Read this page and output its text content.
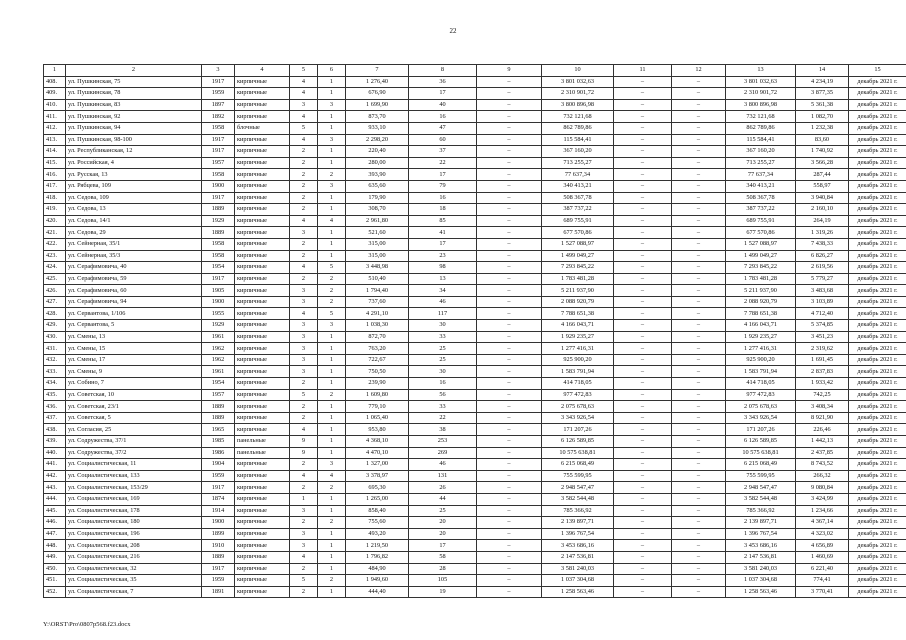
22
1	2	3	4	5	6	7	8	9	10	11	12	13	14	15
408.	ул. Пушкинская, 75	1917	кирпичные	4	1	1 276,40	36	–	3 801 032,63	–	–	3 801 032,63	4 234,19	декабрь 2021 г.
409.	ул. Пушкинская, 78	1959	кирпичные	4	1	676,90	17	–	2 310 901,72	–	–	2 310 901,72	3 877,35	декабрь 2021 г.
410.	ул. Пушкинская, 83	1897	кирпичные	3	3	1 699,90	40	–	3 800 896,98	–	–	3 800 896,98	5 361,38	декабрь 2021 г.
411.	ул. Пушкинская, 92	1892	кирпичные	4	1	873,70	16	–	732 121,68	–	–	732 121,68	1 082,70	декабрь 2021 г.
412.	ул. Пушкинская, 94	1958	блочные	5	1	933,10	47	–	862 789,86	–	–	862 789,86	1 232,38	декабрь 2021 г.
413.	ул. Пушкинская, 98-100	1917	кирпичные	4	3	2 298,20	60	–	115 584,41	–	–	115 584,41	83,60	декабрь 2021 г.
414.	ул. Республиканская, 12	1917	кирпичные	2	1	220,40	37	–	367 160,20	–	–	367 160,20	1 740,92	декабрь 2021 г.
415.	ул. Российская, 4	1957	кирпичные	2	1	280,00	22	–	713 255,27	–	–	713 255,27	3 566,28	декабрь 2021 г.
416.	ул. Русская, 13	1958	кирпичные	2	2	393,90	17	–	77 637,34	–	–	77 637,34	287,44	декабрь 2021 г.
417.	ул. Рябцева, 109	1900	кирпичные	2	3	635,60	79	–	340 413,21	–	–	340 413,21	558,97	декабрь 2021 г.
418.	ул. Седова, 109	1917	кирпичные	2	1	179,90	16	–	508 367,78	–	–	508 367,78	3 940,84	декабрь 2021 г.
419.	ул. Седова, 13	1889	кирпичные	2	1	308,70	18	–	387 737,22	–	–	387 737,22	2 160,10	декабрь 2021 г.
420.	ул. Седова, 14/1	1929	кирпичные	4	4	2 961,80	85	–	689 755,91	–	–	689 755,91	264,19	декабрь 2021 г.
421.	ул. Седова, 29	1889	кирпичные	3	1	521,60	41	–	677 570,86	–	–	677 570,86	1 319,26	декабрь 2021 г.
422.	ул. Сейнерная, 35/1	1958	кирпичные	2	1	315,00	17	–	1 527 088,97	–	–	1 527 088,97	7 438,33	декабрь 2021 г.
423.	ул. Сейнерная, 35/3	1958	кирпичные	2	1	315,00	23	–	1 499 049,27	–	–	1 499 049,27	6 826,27	декабрь 2021 г.
424.	ул. Серафимовича, 40	1954	кирпичные	4	5	3 448,98	98	–	7 293 845,22	–	–	7 293 845,22	2 619,56	декабрь 2021 г.
425.	ул. Серафимовича, 59	1917	кирпичные	2	2	510,40	13	–	1 783 481,28	–	–	1 783 481,28	5 779,27	декабрь 2021 г.
426.	ул. Серафимовича, 60	1905	кирпичные	3	2	1 794,40	34	–	5 211 937,90	–	–	5 211 937,90	3 483,68	декабрь 2021 г.
427.	ул. Серафимовича, 94	1900	кирпичные	3	2	737,60	46	–	2 088 920,79	–	–	2 088 920,79	3 103,89	декабрь 2021 г.
428.	ул. Сервантова, 1/106	1955	кирпичные	4	5	4 291,10	117	–	7 788 651,38	–	–	7 788 651,38	4 712,40	декабрь 2021 г.
429.	ул. Сервантова, 5	1929	кирпичные	3	3	1 038,30	30	–	4 166 043,71	–	–	4 166 043,71	5 374,85	декабрь 2021 г.
430.	ул. Смены, 13	1961	кирпичные	3	1	872,70	33	–	1 929 235,27	–	–	1 929 235,27	3 451,23	декабрь 2021 г.
431.	ул. Смены, 15	1962	кирпичные	3	1	763,20	25	–	1 277 416,31	–	–	1 277 416,31	2 319,62	декабрь 2021 г.
432.	ул. Смены, 17	1962	кирпичные	3	1	722,67	25	–	925 900,20	–	–	925 900,20	1 691,45	декабрь 2021 г.
433.	ул. Смены, 9	1961	кирпичные	3	1	750,50	30	–	1 583 791,94	–	–	1 583 791,94	2 837,83	декабрь 2021 г.
434.	ул. Собино, 7	1954	кирпичные	2	1	239,90	16	–	414 718,05	–	–	414 718,05	1 933,42	декабрь 2021 г.
435.	ул. Советская, 10	1957	кирпичные	5	2	1 609,80	56	–	977 472,83	–	–	977 472,83	742,25	декабрь 2021 г.
436.	ул. Советская, 23/1	1889	кирпичные	2	1	779,10	33	–	2 075 678,63	–	–	2 075 678,63	3 408,34	декабрь 2021 г.
437.	ул. Советская, 5	1889	кирпичные	2	1	1 065,40	22	–	3 343 926,54	–	–	3 343 926,54	8 921,90	декабрь 2021 г.
438.	ул. Согласия, 25	1965	кирпичные	4	1	953,80	38	–	171 207,26	–	–	171 207,26	226,46	декабрь 2021 г.
439.	ул. Содружества, 37/1	1985	панельные	9	1	4 368,10	253	–	6 126 589,85	–	–	6 126 589,85	1 442,13	декабрь 2021 г.
440.	ул. Содружества, 37/2	1986	панельные	9	1	4 470,10	269	–	10 575 638,81	–	–	10 575 638,81	2 437,85	декабрь 2021 г.
441.	ул. Социалистическая, 11	1904	кирпичные	2	3	1 327,00	46	–	6 215 068,49	–	–	6 215 068,49	8 743,52	декабрь 2021 г.
442.	ул. Социалистическая, 133	1959	кирпичные	4	4	3 378,97	131	–	755 599,95	–	–	755 599,95	266,32	декабрь 2021 г.
443.	ул. Социалистическая, 153/29	1917	кирпичные	2	2	695,30	26	–	2 948 547,47	–	–	2 948 547,47	9 080,84	декабрь 2021 г.
444.	ул. Социалистическая, 169	1874	кирпичные	1	1	1 265,00	44	–	3 582 544,48	–	–	3 582 544,48	3 424,99	декабрь 2021 г.
445.	ул. Социалистическая, 178	1914	кирпичные	3	1	858,40	25	–	785 366,92	–	–	785 366,92	1 234,66	декабрь 2021 г.
446.	ул. Социалистическая, 180	1900	кирпичные	2	2	755,60	20	–	2 139 897,71	–	–	2 139 897,71	4 367,14	декабрь 2021 г.
447.	ул. Социалистическая, 196	1899	кирпичные	3	1	493,20	20	–	1 396 767,54	–	–	1 396 767,54	4 323,02	декабрь 2021 г.
448.	ул. Социалистическая, 208	1910	кирпичные	3	1	1 219,50	17	–	3 453 686,16	–	–	3 453 686,16	4 656,89	декабрь 2021 г.
449.	ул. Социалистическая, 216	1889	кирпичные	4	1	1 796,82	58	–	2 147 536,81	–	–	2 147 536,81	1 460,69	декабрь 2021 г.
450.	ул. Социалистическая, 32	1917	кирпичные	2	1	484,90	28	–	3 581 240,03	–	–	3 581 240,03	6 221,40	декабрь 2021 г.
451.	ул. Социалистическая, 35	1959	кирпичные	5	2	1 949,60	105	–	1 037 304,68	–	–	1 037 304,68	774,41	декабрь 2021 г.
452.	ул. Социалистическая, 7	1891	кирпичные	2	1	444,40	19	–	1 258 563,46	–	–	1 258 563,46	3 770,41	декабрь 2021 г.
Y:\ORST\Pro\0807p568.f23.docx
